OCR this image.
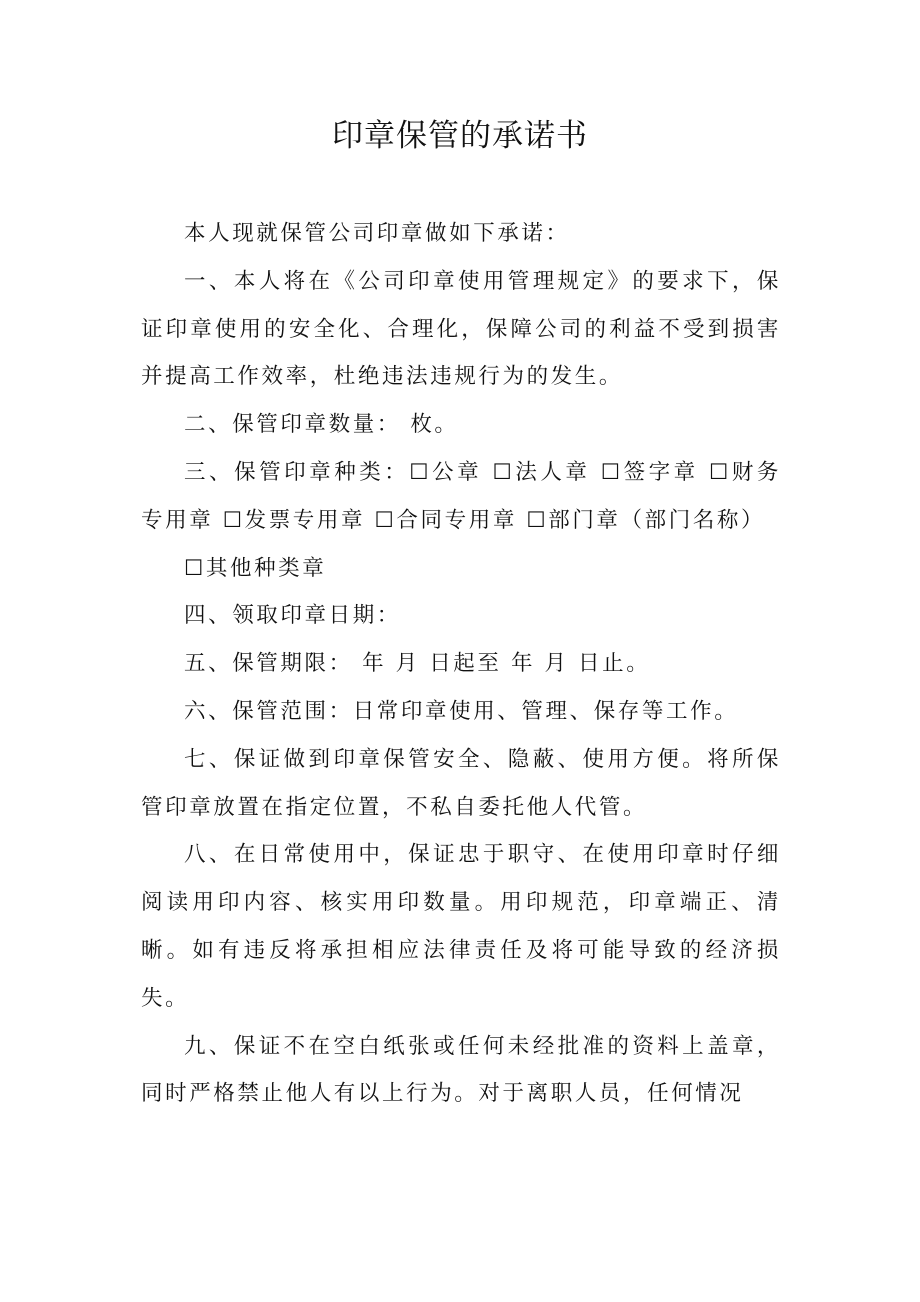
印章保管的承诺书

本人现就保管公司印章做如下承诺：

一、本人将在《公司印章使用管理规定》的要求下，保证印章使用的安全化、合理化，保障公司的利益不受到损害并提高工作效率，杜绝违法违规行为的发生。

二、保管印章数量： 枚。

三、保管印章种类：☐公章 ☐法人章 ☐签字章 ☐财务专用章 ☐发票专用章 ☐合同专用章 ☐部门章（部门名称）

☐其他种类章

四、领取印章日期：

五、保管期限： 年 月 日起至 年 月 日止。

六、保管范围：日常印章使用、管理、保存等工作。

七、保证做到印章保管安全、隐蔽、使用方便。将所保管印章放置在指定位置，不私自委托他人代管。

八、在日常使用中，保证忠于职守、在使用印章时仔细阅读用印内容、核实用印数量。用印规范，印章端正、清晰。如有违反将承担相应法律责任及将可能导致的经济损失。

九、保证不在空白纸张或任何未经批准的资料上盖章，同时严格禁止他人有以上行为。对于离职人员，任何情况
